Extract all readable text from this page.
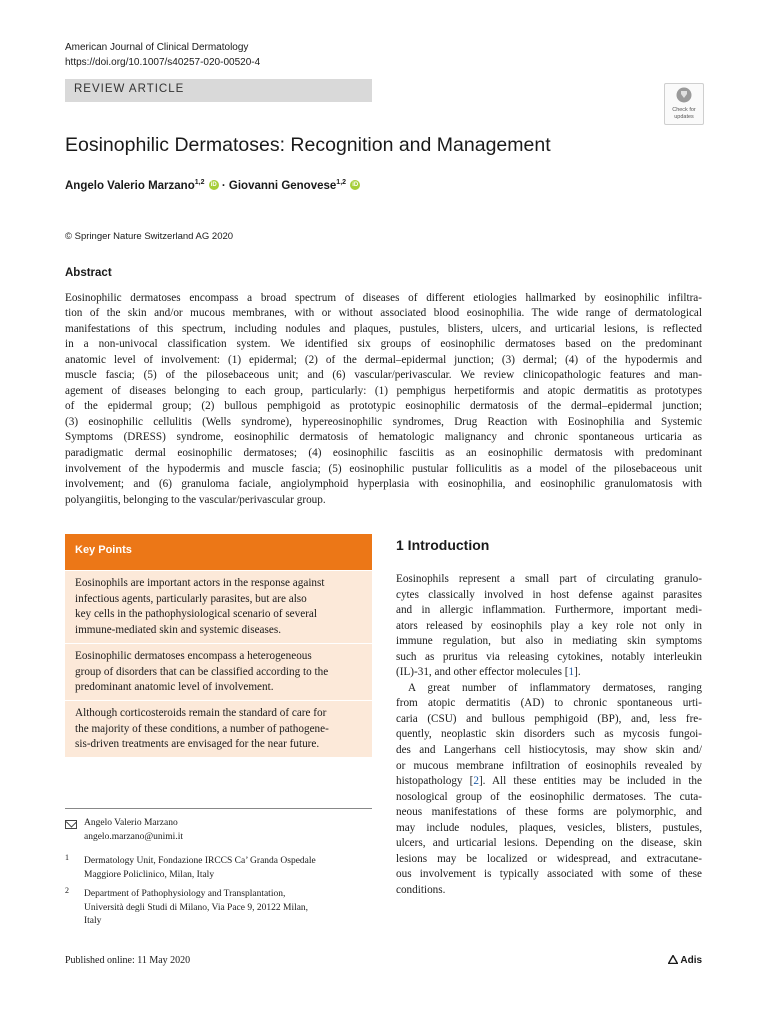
American Journal of Clinical Dermatology
https://doi.org/10.1007/s40257-020-00520-4
REVIEW ARTICLE
Check for
updates
Eosinophilic Dermatoses: Recognition and Management
Angelo Valerio Marzano$^{1,2}$	iD · Giovanni Genovese$^{1,2}$	iD
© Springer Nature Switzerland AG 2020
Abstract
Eosinophilic dermatoses encompass a broad spectrum of diseases of different etiologies hallmarked by eosinophilic infiltra-
tion of the skin and/or mucous membranes, with or without associated blood eosinophilia. The wide range of dermatological
manifestations of this spectrum, including nodules and plaques, pustules, blisters, ulcers, and urticarial lesions, is reflected
in a non-univocal classification system. We identified six groups of eosinophilic dermatoses based on the predominant
anatomic level of involvement: (1) epidermal; (2) of the dermal–epidermal junction; (3) dermal; (4) of the hypodermis and
muscle fascia; (5) of the pilosebaceous unit; and (6) vascular/perivascular. We review clinicopathologic features and man-
agement of diseases belonging to each group, particularly: (1) pemphigus herpetiformis and atopic dermatitis as prototypes
of the epidermal group; (2) bullous pemphigoid as prototypic eosinophilic dermatosis of the dermal–epidermal junction;
(3) eosinophilic cellulitis (Wells syndrome), hypereosinophilic syndromes, Drug Reaction with Eosinophilia and Systemic
Symptoms (DRESS) syndrome, eosinophilic dermatosis of hematologic malignancy and chronic spontaneous urticaria as
paradigmatic dermal eosinophilic dermatoses; (4) eosinophilic fasciitis as an eosinophilic dermatosis with predominant
involvement of the hypodermis and muscle fascia; (5) eosinophilic pustular folliculitis as a model of the pilosebaceous unit
involvement; and (6) granuloma faciale, angiolymphoid hyperplasia with eosinophilia, and eosinophilic granulomatosis with
polyangiitis, belonging to the vascular/perivascular group.
Key Points
Eosinophils are important actors in the response against
infectious agents, particularly parasites, but are also
key cells in the pathophysiological scenario of several
immune-mediated skin and systemic diseases.
Eosinophilic dermatoses encompass a heterogeneous
group of disorders that can be classified according to the
predominant anatomic level of involvement.
Although corticosteroids remain the standard of care for
the majority of these conditions, a number of pathogene-
sis-driven treatments are envisaged for the near future.
Angelo Valerio Marzano
angelo.marzano@unimi.it
1 Dermatology Unit, Fondazione IRCCS Ca’ Granda Ospedale
Maggiore Policlinico, Milan, Italy
2 Department of Pathophysiology and Transplantation,
Università degli Studi di Milano, Via Pace 9, 20122 Milan,
Italy
Published online: 11 May 2020	Adis
1 Introduction
Eosinophils represent a small part of circulating granulo-
cytes classically involved in host defense against parasites
and in allergic inflammation. Furthermore, important medi-
ators released by eosinophils play a key role not only in
immune regulation, but also in mediating skin symptoms
such as pruritus via releasing cytokines, notably interleukin
(IL)-31, and other effector molecules [1].
A great number of inflammatory dermatoses, ranging
from atopic dermatitis (AD) to chronic spontaneous urti-
caria (CSU) and bullous pemphigoid (BP), and, less fre-
quently, neoplastic skin disorders such as mycosis fungoi-
des and Langerhans cell histiocytosis, may show skin and/
or mucous membrane infiltration of eosinophils revealed by
histopathology [2]. All these entities may be included in the
nosological group of the eosinophilic dermatoses. The cuta-
neous manifestations of these forms are polymorphic, and
may include nodules, plaques, vesicles, blisters, pustules,
ulcers, and urticarial lesions. Depending on the disease, skin
lesions may be localized or widespread, and extracutane-
ous involvement is typically associated with some of these
conditions.
